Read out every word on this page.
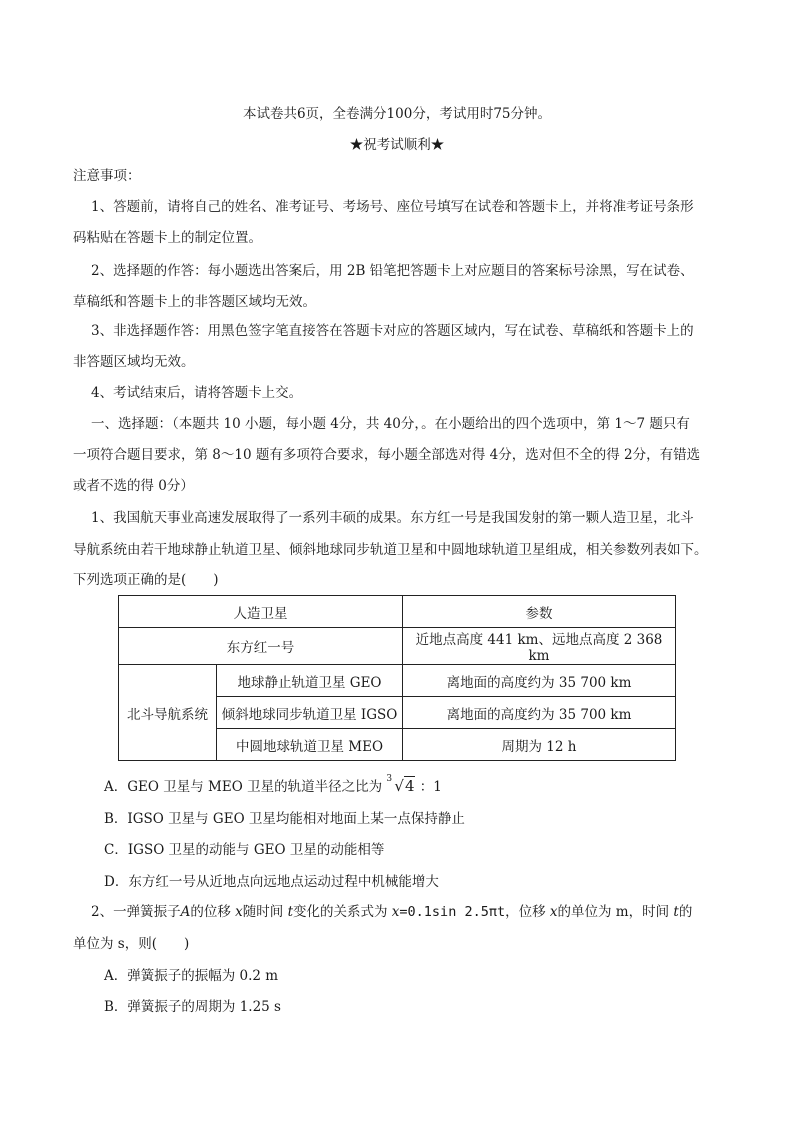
本试卷共6页，全卷满分100分，考试用时75分钟。
★祝考试顺利★
注意事项：
1、答题前，请将自己的姓名、准考证号、考场号、座位号填写在试卷和答题卡上，并将准考证号条形
码粘贴在答题卡上的制定位置。
2、选择题的作答：每小题选出答案后，用 2B 铅笔把答题卡上对应题目的答案标号涂黑，写在试卷、
草稿纸和答题卡上的非答题区域均无效。
3、非选择题作答：用黑色签字笔直接答在答题卡对应的答题区域内，写在试卷、草稿纸和答题卡上的
非答题区域均无效。
4、考试结束后，请将答题卡上交。
一、选择题：（本题共 10 小题，每小题 4分，共 40分，。在小题给出的四个选项中，第 1～7 题只有
一项符合题目要求，第 8～10 题有多项符合要求，每小题全部选对得 4分，选对但不全的得 2分，有错选
或者不选的得 0分）
1、我国航天事业高速发展取得了一系列丰硕的成果。东方红一号是我国发射的第一颗人造卫星，北斗
导航系统由若干地球静止轨道卫星、倾斜地球同步轨道卫星和中圆地球轨道卫星组成，相关参数列表如下。
下列选项正确的是(　　)
人造卫星		参数
东方红一号		近地点高度 441 km、远地点高度 2 368 km
北斗导航系统	地球静止轨道卫星 GEO	离地面的高度约为 35 700 km
	倾斜地球同步轨道卫星 IGSO	离地面的高度约为 35 700 km
	中圆地球轨道卫星 MEO	周期为 12 h
A．GEO 卫星与 MEO 卫星的轨道半径之比为 3 √4 ：1
B．IGSO 卫星与 GEO 卫星均能相对地面上某一点保持静止
C．IGSO 卫星的动能与 GEO 卫星的动能相等
D．东方红一号从近地点向远地点运动过程中机械能增大
2、一弹簧振子A的位移 x随时间 t变化的关系式为 x=0.1sin 2.5πt，位移 x的单位为 m，时间 t的
单位为 s，则(　　)
A．弹簧振子的振幅为 0.2 m
B．弹簧振子的周期为 1.25 s
